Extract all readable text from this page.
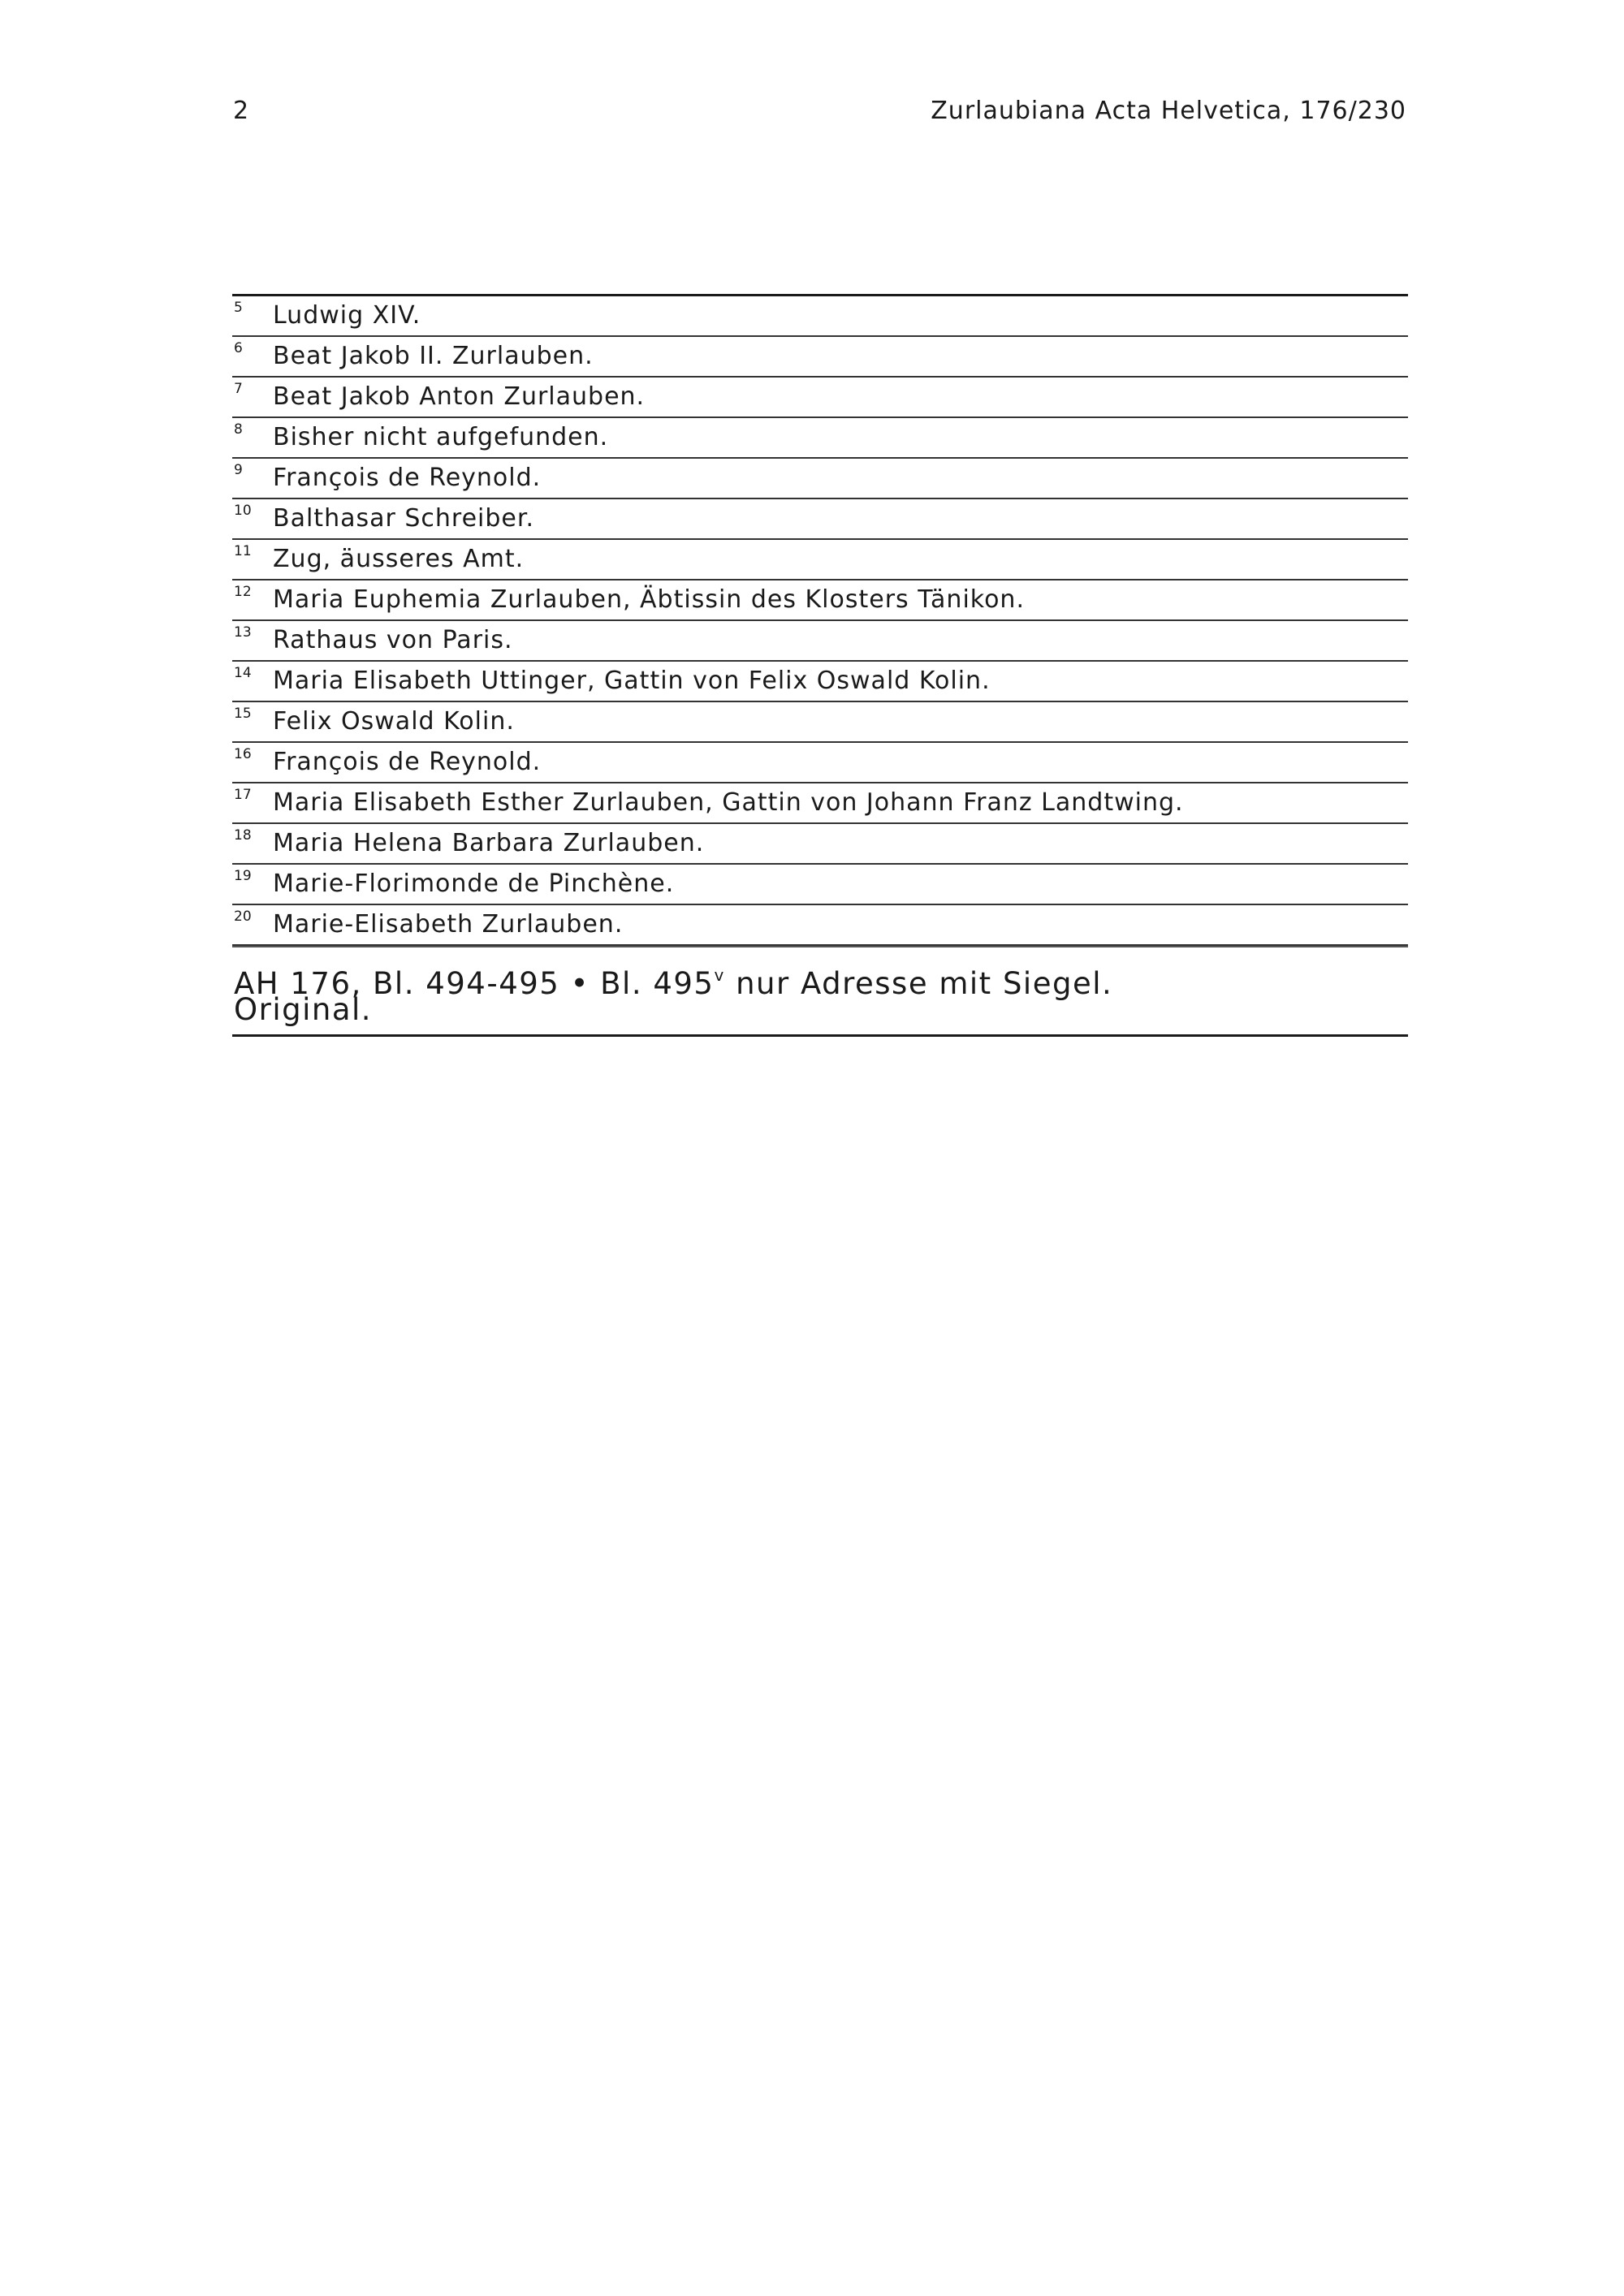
2	Zurlaubiana Acta Helvetica, 176/230
5 Ludwig XIV.
6 Beat Jakob II. Zurlauben.
7 Beat Jakob Anton Zurlauben.
8 Bisher nicht aufgefunden.
9 François de Reynold.
10 Balthasar Schreiber.
11 Zug, äusseres Amt.
12 Maria Euphemia Zurlauben, Äbtissin des Klosters Tänikon.
13 Rathaus von Paris.
14 Maria Elisabeth Uttinger, Gattin von Felix Oswald Kolin.
15 Felix Oswald Kolin.
16 François de Reynold.
17 Maria Elisabeth Esther Zurlauben, Gattin von Johann Franz Landtwing.
18 Maria Helena Barbara Zurlauben.
19 Marie-Florimonde de Pinchène.
20 Marie-Elisabeth Zurlauben.
AH 176, Bl. 494-495 • Bl. 495$^v$ nur Adresse mit Siegel.
Original.
